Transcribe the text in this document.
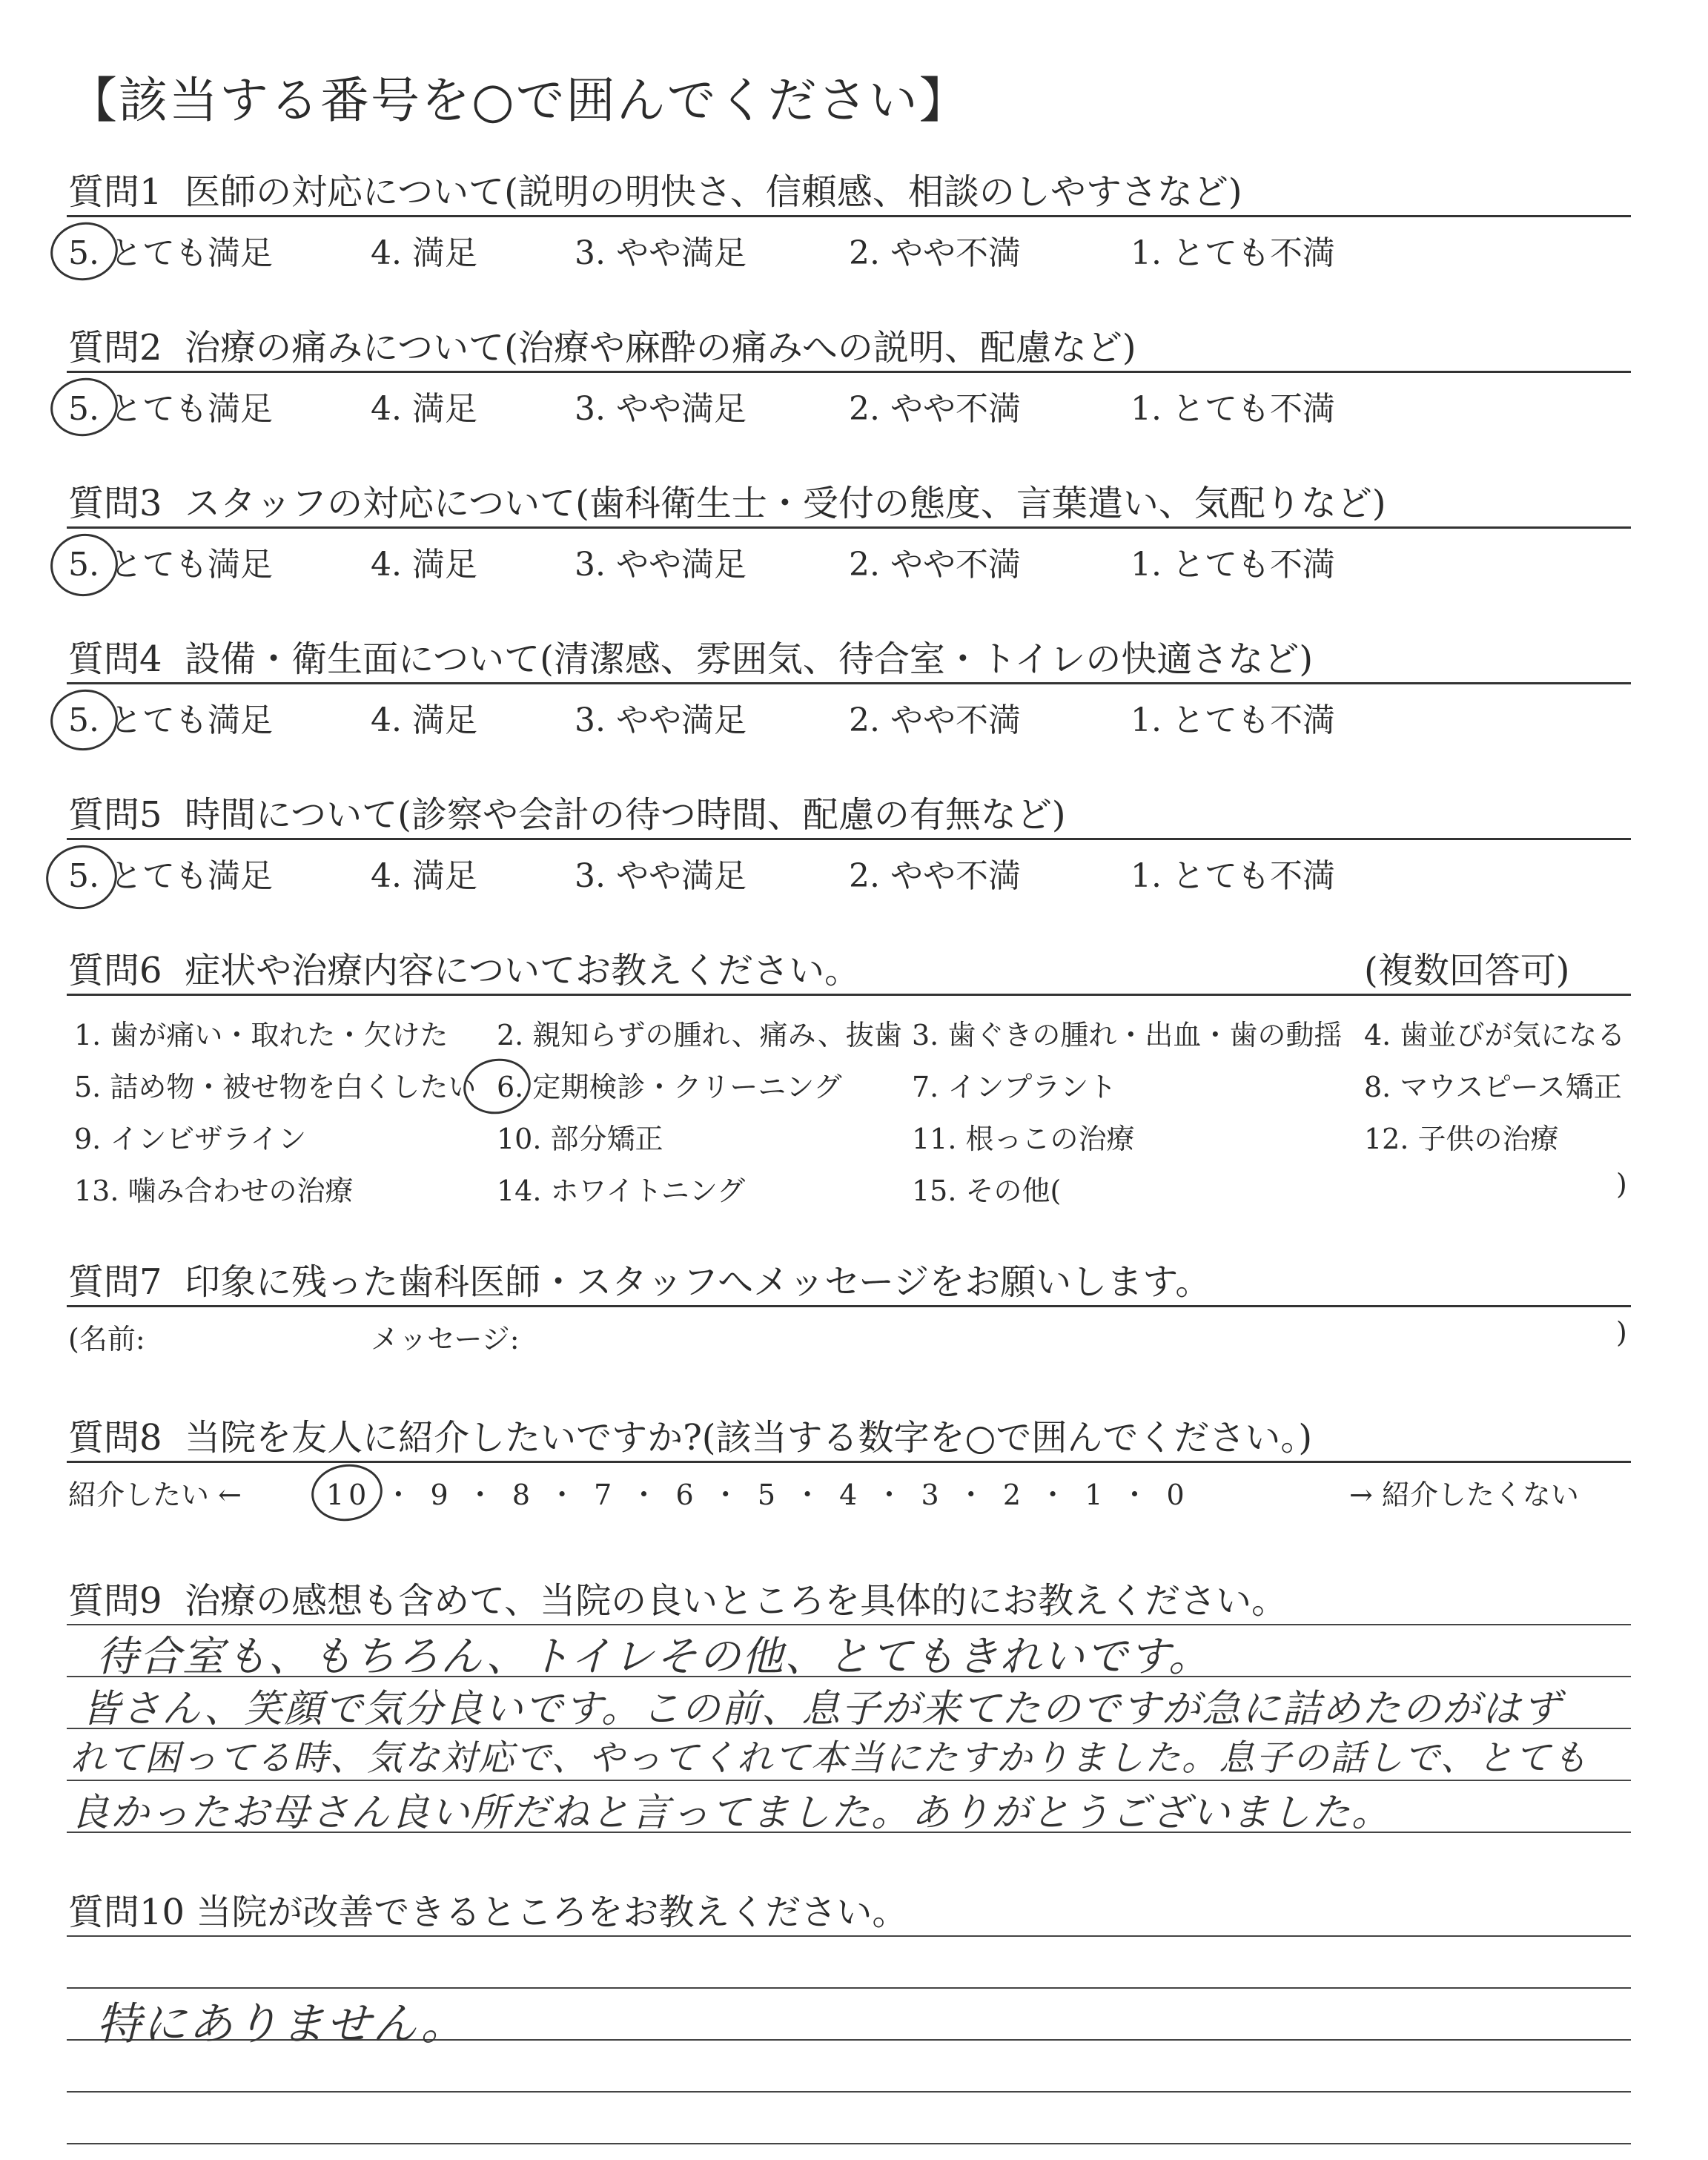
【該当する番号を○で囲んでください】
質問1 医師の対応について(説明の明快さ、信頼感、相談のしやすさなど)
5. とても満足	4. 満足	3. やや満足	2. やや不満	1. とても不満
質問2 治療の痛みについて(治療や麻酔の痛みへの説明、配慮など)
5. とても満足	4. 満足	3. やや満足	2. やや不満	1. とても不満
質問3 スタッフの対応について(歯科衛生士・受付の態度、言葉遣い、気配りなど)
5. とても満足	4. 満足	3. やや満足	2. やや不満	1. とても不満
質問4 設備・衛生面について(清潔感、雰囲気、待合室・トイレの快適さなど)
5. とても満足	4. 満足	3. やや満足	2. やや不満	1. とても不満
質問5 時間について(診察や会計の待つ時間、配慮の有無など)
5. とても満足	4. 満足	3. やや満足	2. やや不満	1. とても不満
質問6 症状や治療内容についてお教えください。	(複数回答可)
1. 歯が痛い・取れた・欠けた 2. 親知らずの腫れ、痛み、抜歯 3. 歯ぐきの腫れ・出血・歯の動揺 4. 歯並びが気になる
5. 詰め物・被せ物を白くしたい 6. 定期検診・クリーニング 7. インプラント	8. マウスピース矯正
9. インビザライン	10. 部分矯正	11. 根っこの治療	12. 子供の治療
13. 噛み合わせの治療	14. ホワイトニング	15. その他(	)
質問7 印象に残った歯科医師・スタッフへメッセージをお願いします。
(名前:	メッセージ:	)
質問8 当院を友人に紹介したいですか?(該当する数字を○で囲んでください。)
紹介したい ←	10 ・ 9 ・ 8 ・ 7 ・ 6 ・ 5 ・ 4 ・ 3 ・ 2 ・ 1 ・ 0	→ 紹介したくない
質問9 治療の感想も含めて、当院の良いところを具体的にお教えください。
待合室も、もちろん、トイレその他、とてもきれいです。
皆さん、笑顔で気分良いです。この前、息子が来てたのですが急に詰めたのがはず
れて困ってる時、気な対応で、やってくれて本当にたすかりました。息子の話しで、とても
良かったお母さん良い所だねと言ってました。ありがとうございました。
質問10 当院が改善できるところをお教えください。
特にありません。
